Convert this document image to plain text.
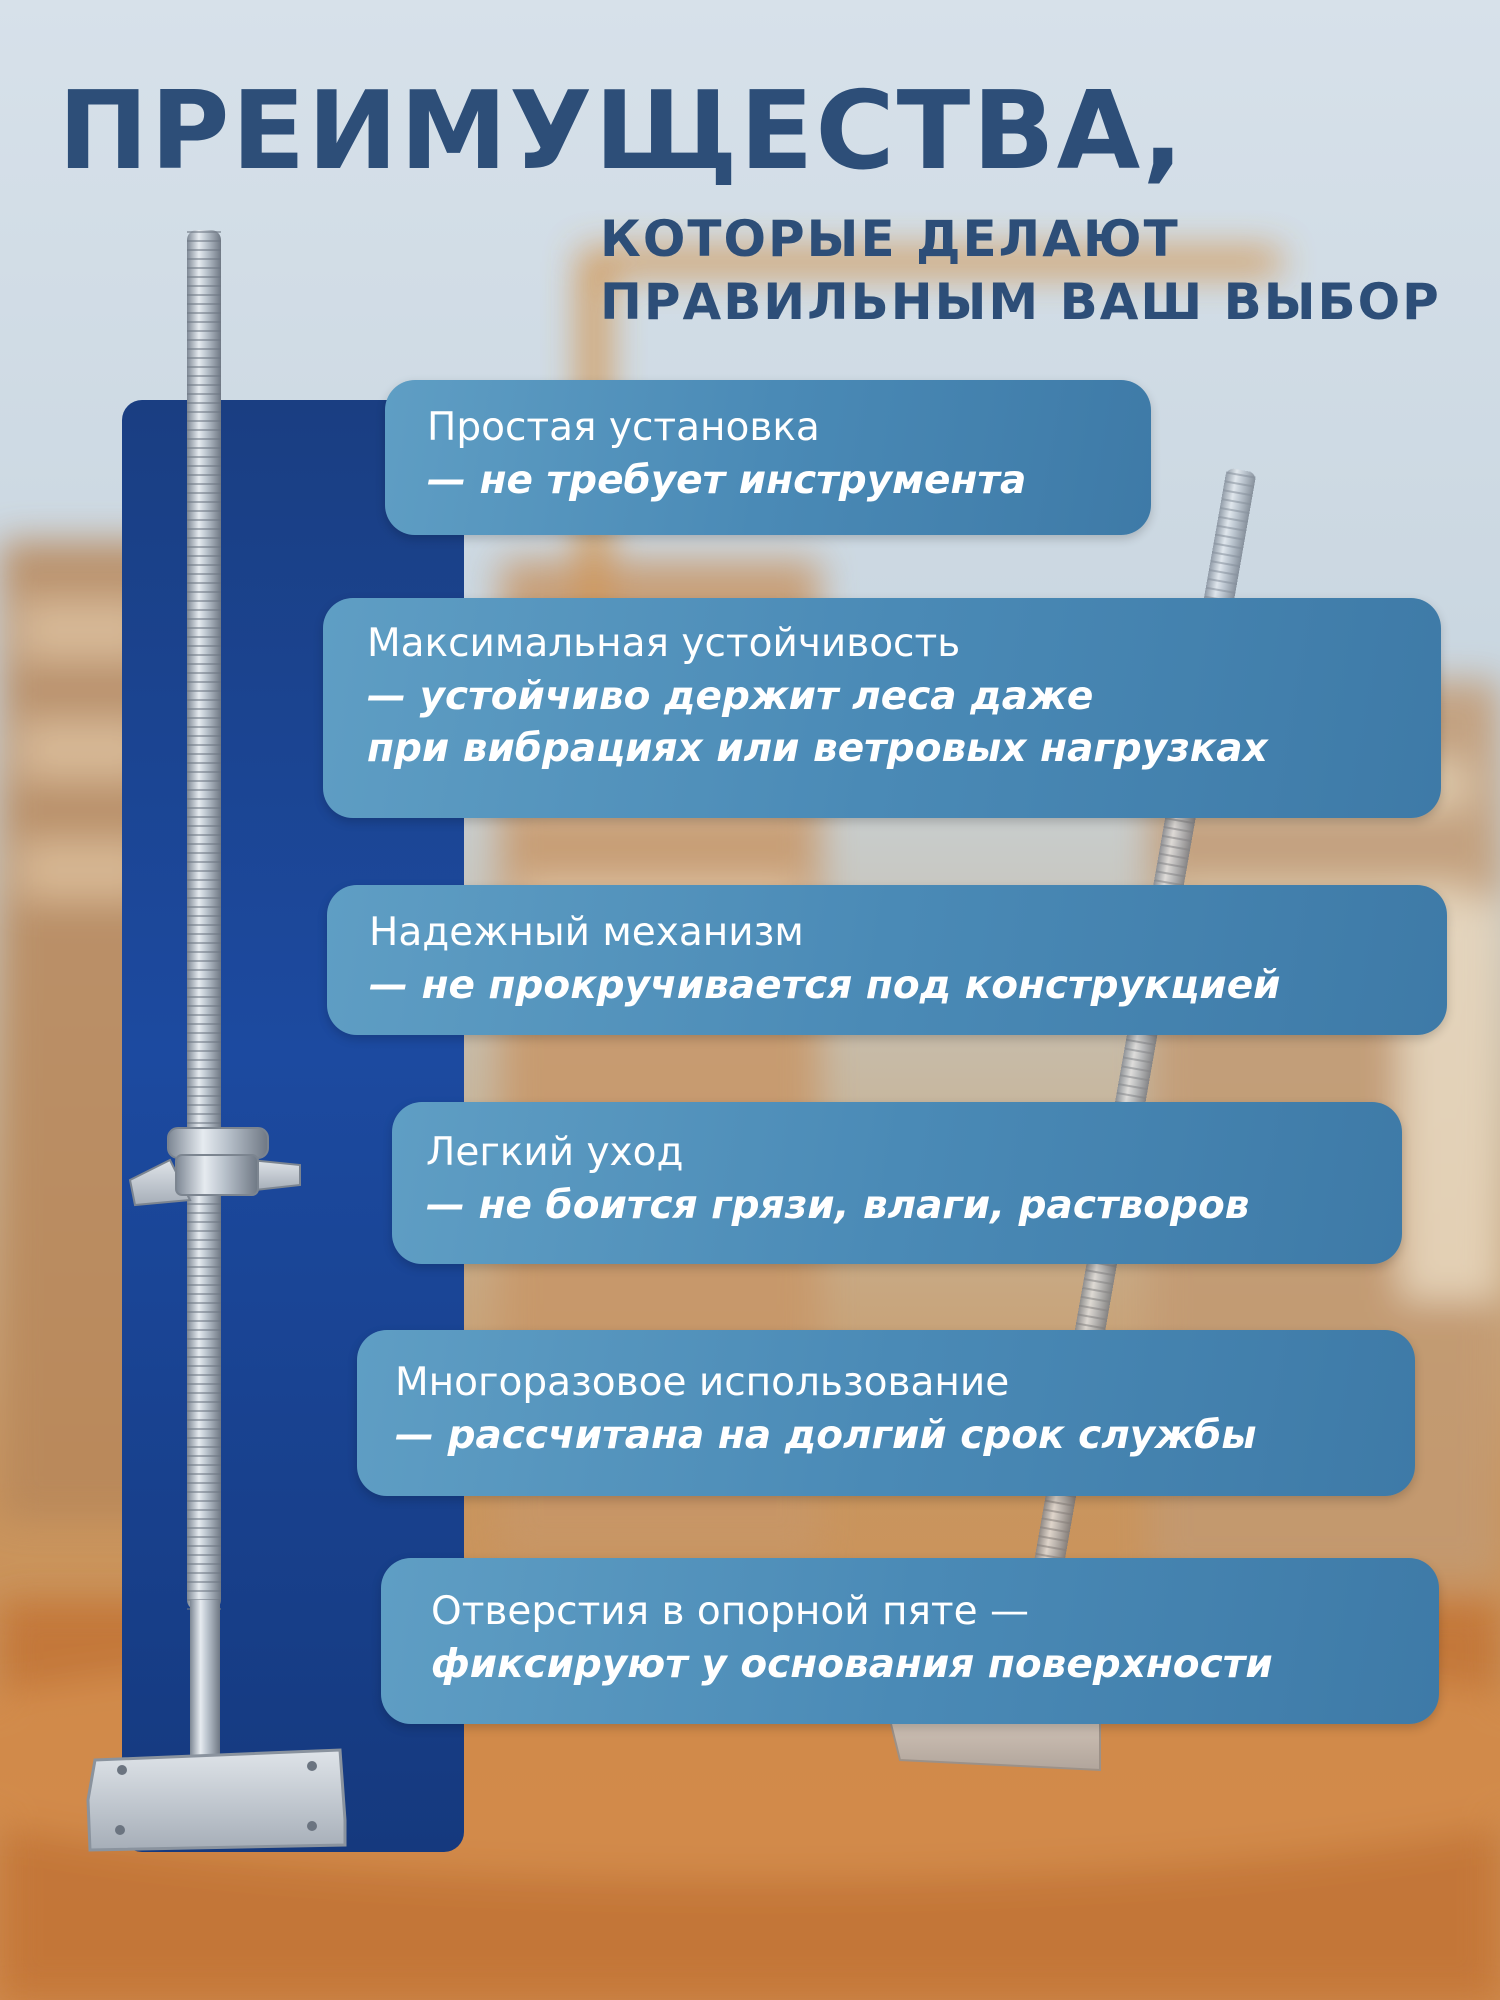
ПРЕИМУЩЕСТВА,
КОТОРЫЕ ДЕЛАЮТ
ПРАВИЛЬНЫМ ВАШ ВЫБОР
Простая установка
— не требует инструмента
Максимальная устойчивость
— устойчиво держит леса даже
при вибрациях или ветровых нагрузках
Надежный механизм
— не прокручивается под конструкцией
Легкий уход
— не боится грязи, влаги, растворов
Многоразовое использование
— рассчитана на долгий срок службы
Отверстия в опорной пяте —
фиксируют у основания поверхности
